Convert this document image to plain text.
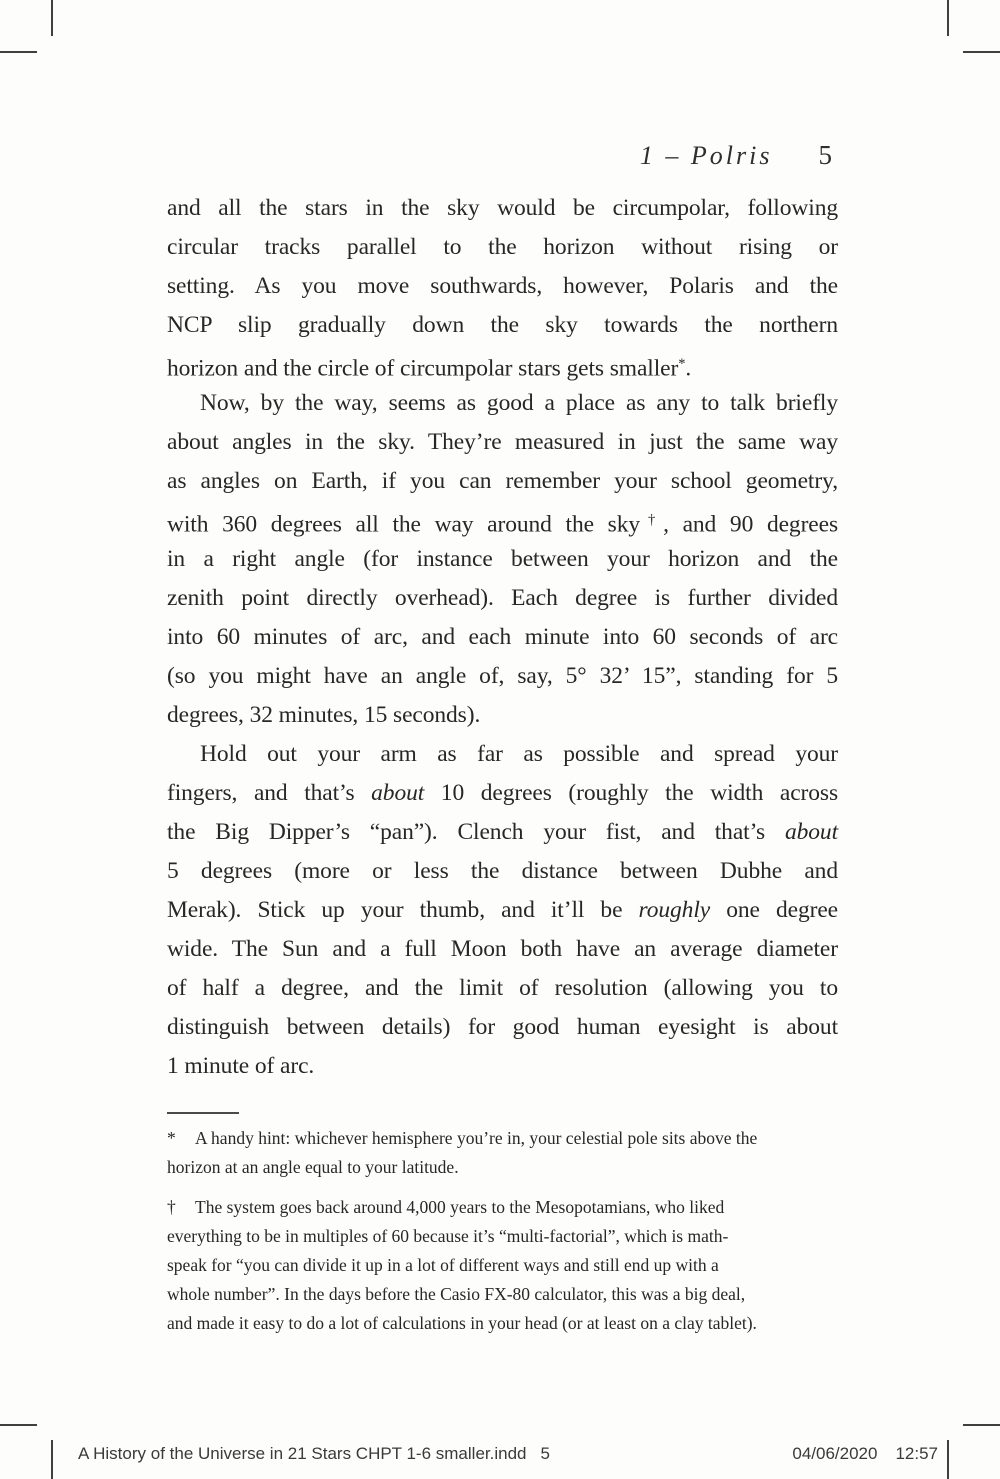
1 – Polris 5
and all the stars in the sky would be circumpolar, following
circular tracks parallel to the horizon without rising or
setting. As you move southwards, however, Polaris and the
NCP slip gradually down the sky towards the northern
horizon and the circle of circumpolar stars gets smaller*.
Now, by the way, seems as good a place as any to talk briefly
about angles in the sky. They’re measured in just the same way
as angles on Earth, if you can remember your school geometry,
with 360 degrees all the way around the sky†, and 90 degrees
in a right angle (for instance between your horizon and the
zenith point directly overhead). Each degree is further divided
into 60 minutes of arc, and each minute into 60 seconds of arc
(so you might have an angle of, say, 5° 32’ 15”, standing for 5
degrees, 32 minutes, 15 seconds).
Hold out your arm as far as possible and spread your
fingers, and that’s about 10 degrees (roughly the width across
the Big Dipper’s “pan”). Clench your fist, and that’s about
5 degrees (more or less the distance between Dubhe and
Merak). Stick up your thumb, and it’ll be roughly one degree
wide. The Sun and a full Moon both have an average diameter
of half a degree, and the limit of resolution (allowing you to
distinguish between details) for good human eyesight is about
1 minute of arc.
* A handy hint: whichever hemisphere you’re in, your celestial pole sits above the
horizon at an angle equal to your latitude.
† The system goes back around 4,000 years to the Mesopotamians, who liked
everything to be in multiples of 60 because it’s “multi-factorial”, which is math-
speak for “you can divide it up in a lot of different ways and still end up with a
whole number”. In the days before the Casio FX-80 calculator, this was a big deal,
and made it easy to do a lot of calculations in your head (or at least on a clay tablet).
A History of the Universe in 21 Stars CHPT 1-6 smaller.indd 5	04/06/2020 12:57
